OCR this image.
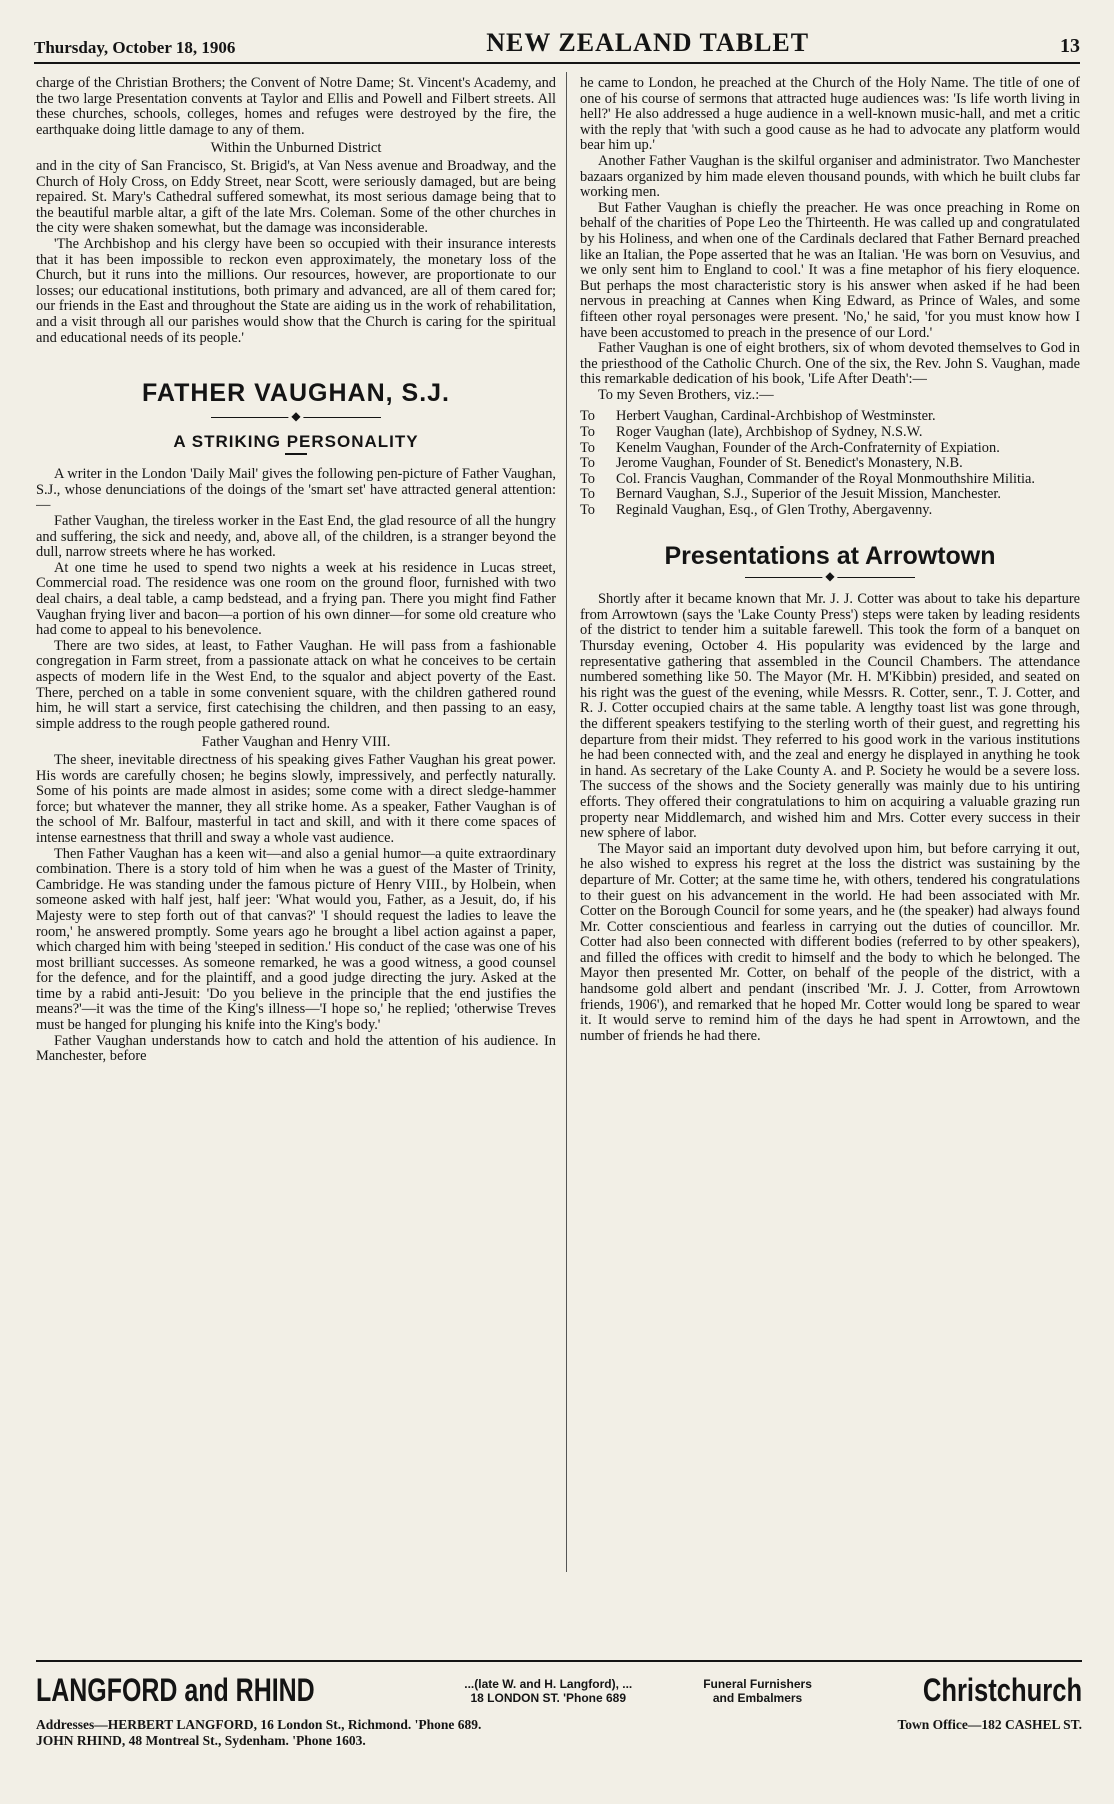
Thursday, October 18, 1906	NEW ZEALAND TABLET	13

charge of the Christian Brothers; the Convent of Notre Dame; St. Vincent's Academy, and the two large Presentation convents at Taylor and Ellis and Powell and Filbert streets. All these churches, schools, colleges, homes and refuges were destroyed by the fire, the earthquake doing little damage to any of them.

Within the Unburned District

and in the city of San Francisco, St. Brigid's, at Van Ness avenue and Broadway, and the Church of Holy Cross, on Eddy Street, near Scott, were seriously damaged, but are being repaired. St. Mary's Cathedral suffered somewhat, its most serious damage being that to the beautiful marble altar, a gift of the late Mrs. Coleman. Some of the other churches in the city were shaken somewhat, but the damage was inconsiderable.

'The Archbishop and his clergy have been so occupied with their insurance interests that it has been impossible to reckon even approximately, the monetary loss of the Church, but it runs into the millions. Our resources, however, are proportionate to our losses; our educational institutions, both primary and advanced, are all of them cared for; our friends in the East and throughout the State are aiding us in the work of rehabilitation, and a visit through all our parishes would show that the Church is caring for the spiritual and educational needs of its people.'

FATHER VAUGHAN, S.J.
◆
A STRIKING PERSONALITY

A writer in the London 'Daily Mail' gives the following pen-picture of Father Vaughan, S.J., whose denunciations of the doings of the 'smart set' have attracted general attention:—

Father Vaughan, the tireless worker in the East End, the glad resource of all the hungry and suffering, the sick and needy, and, above all, of the children, is a stranger beyond the dull, narrow streets where he has worked.

At one time he used to spend two nights a week at his residence in Lucas street, Commercial road. The residence was one room on the ground floor, furnished with two deal chairs, a deal table, a camp bedstead, and a frying pan. There you might find Father Vaughan frying liver and bacon—a portion of his own dinner—for some old creature who had come to appeal to his benevolence.

There are two sides, at least, to Father Vaughan. He will pass from a fashionable congregation in Farm street, from a passionate attack on what he conceives to be certain aspects of modern life in the West End, to the squalor and abject poverty of the East. There, perched on a table in some convenient square, with the children gathered round him, he will start a service, first catechising the children, and then passing to an easy, simple address to the rough people gathered round.

Father Vaughan and Henry VIII.

The sheer, inevitable directness of his speaking gives Father Vaughan his great power. His words are carefully chosen; he begins slowly, impressively, and perfectly naturally. Some of his points are made almost in asides; some come with a direct sledge-hammer force; but whatever the manner, they all strike home. As a speaker, Father Vaughan is of the school of Mr. Balfour, masterful in tact and skill, and with it there come spaces of intense earnestness that thrill and sway a whole vast audience.

Then Father Vaughan has a keen wit—and also a genial humor—a quite extraordinary combination. There is a story told of him when he was a guest of the Master of Trinity, Cambridge. He was standing under the famous picture of Henry VIII., by Holbein, when someone asked with half jest, half jeer: 'What would you, Father, as a Jesuit, do, if his Majesty were to step forth out of that canvas?' 'I should request the ladies to leave the room,' he answered promptly. Some years ago he brought a libel action against a paper, which charged him with being 'steeped in sedition.' His conduct of the case was one of his most brilliant successes. As someone remarked, he was a good witness, a good counsel for the defence, and for the plaintiff, and a good judge directing the jury. Asked at the time by a rabid anti-Jesuit: 'Do you believe in the principle that the end justifies the means?'—it was the time of the King's illness—'I hope so,' he replied; 'otherwise Treves must be hanged for plunging his knife into the King's body.'

Father Vaughan understands how to catch and hold the attention of his audience. In Manchester, before

he came to London, he preached at the Church of the Holy Name. The title of one of one of his course of sermons that attracted huge audiences was: 'Is life worth living in hell?' He also addressed a huge audience in a well-known music-hall, and met a critic with the reply that 'with such a good cause as he had to advocate any platform would bear him up.'

Another Father Vaughan is the skilful organiser and administrator. Two Manchester bazaars organized by him made eleven thousand pounds, with which he built clubs far working men.

But Father Vaughan is chiefly the preacher. He was once preaching in Rome on behalf of the charities of Pope Leo the Thirteenth. He was called up and congratulated by his Holiness, and when one of the Cardinals declared that Father Bernard preached like an Italian, the Pope asserted that he was an Italian. 'He was born on Vesuvius, and we only sent him to England to cool.' It was a fine metaphor of his fiery eloquence. But perhaps the most characteristic story is his answer when asked if he had been nervous in preaching at Cannes when King Edward, as Prince of Wales, and some fifteen other royal personages were present. 'No,' he said, 'for you must know how I have been accustomed to preach in the presence of our Lord.'

Father Vaughan is one of eight brothers, six of whom devoted themselves to God in the priesthood of the Catholic Church. One of the six, the Rev. John S. Vaughan, made this remarkable dedication of his book, 'Life After Death':—

To my Seven Brothers, viz.:—

To	Herbert Vaughan, Cardinal-Archbishop of Westminster.
To	Roger Vaughan (late), Archbishop of Sydney, N.S.W.
To	Kenelm Vaughan, Founder of the Arch-Confraternity of Expiation.
To	Jerome Vaughan, Founder of St. Benedict's Monastery, N.B.
To	Col. Francis Vaughan, Commander of the Royal Monmouthshire Militia.
To	Bernard Vaughan, S.J., Superior of the Jesuit Mission, Manchester.
To	Reginald Vaughan, Esq., of Glen Trothy, Abergavenny.
Presentations at Arrowtown
◆

Shortly after it became known that Mr. J. J. Cotter was about to take his departure from Arrowtown (says the 'Lake County Press') steps were taken by leading residents of the district to tender him a suitable farewell. This took the form of a banquet on Thursday evening, October 4. His popularity was evidenced by the large and representative gathering that assembled in the Council Chambers. The attendance numbered something like 50. The Mayor (Mr. H. M'Kibbin) presided, and seated on his right was the guest of the evening, while Messrs. R. Cotter, senr., T. J. Cotter, and R. J. Cotter occupied chairs at the same table. A lengthy toast list was gone through, the different speakers testifying to the sterling worth of their guest, and regretting his departure from their midst. They referred to his good work in the various institutions he had been connected with, and the zeal and energy he displayed in anything he took in hand. As secretary of the Lake County A. and P. Society he would be a severe loss. The success of the shows and the Society generally was mainly due to his untiring efforts. They offered their congratulations to him on acquiring a valuable grazing run property near Middlemarch, and wished him and Mrs. Cotter every success in their new sphere of labor.

The Mayor said an important duty devolved upon him, but before carrying it out, he also wished to express his regret at the loss the district was sustaining by the departure of Mr. Cotter; at the same time he, with others, tendered his congratulations to their guest on his advancement in the world. He had been associated with Mr. Cotter on the Borough Council for some years, and he (the speaker) had always found Mr. Cotter conscientious and fearless in carrying out the duties of councillor. Mr. Cotter had also been connected with different bodies (referred to by other speakers), and filled the offices with credit to himself and the body to which he belonged. The Mayor then presented Mr. Cotter, on behalf of the people of the district, with a handsome gold albert and pendant (inscribed 'Mr. J. J. Cotter, from Arrowtown friends, 1906'), and remarked that he hoped Mr. Cotter would long be spared to wear it. It would serve to remind him of the days he had spent in Arrowtown, and the number of friends he had there.

LANGFORD and RHIND	...(late W. and H. Langford), ...
18 LONDON ST. 'Phone 689
Funeral Furnishers
and Embalmers	Christchurch
Addresses—HERBERT LANGFORD, 16 London St., Richmond. 'Phone 689.
JOHN RHIND, 48 Montreal St., Sydenham. 'Phone 1603.
Town Office—182 CASHEL ST.
